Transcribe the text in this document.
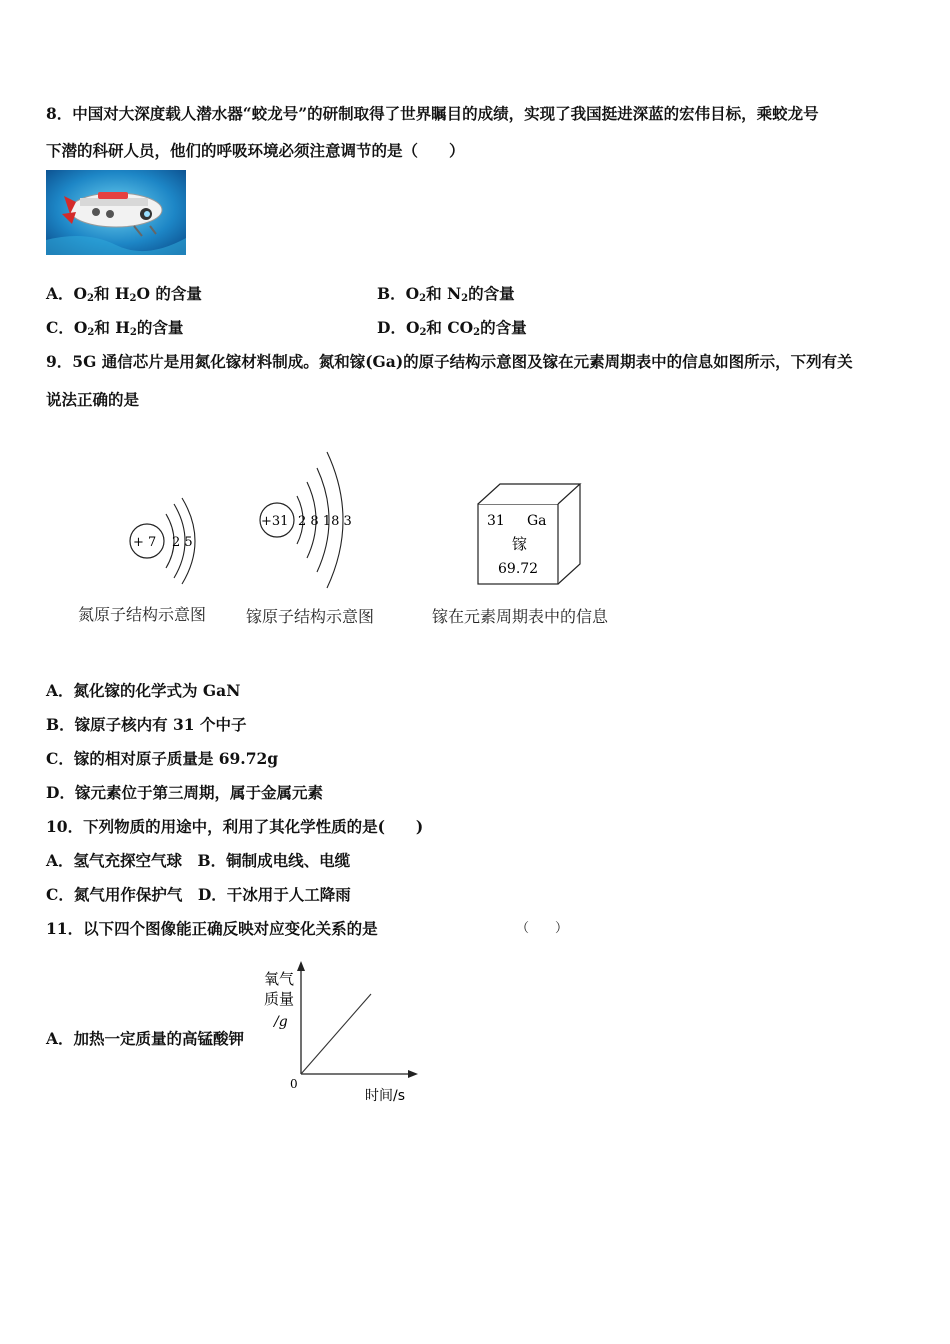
8．中国对大深度载人潜水器“蛟龙号”的研制取得了世界瞩目的成绩，实现了我国挺进深蓝的宏伟目标，乘蛟龙号
下潜的科研人员，他们的呼吸环境必须注意调节的是（　　）
A．$O_2$和 $H_2O$ 的含量	B．$O_2$和 $N_2$的含量
C．$O_2$和 $H_2$的含量	D．$O_2$和 $CO_2$的含量
9．5G 通信芯片是用氮化镓材料制成。氮和镓(Ga)的原子结构示意图及镓在元素周期表中的信息如图所示，下列有关
说法正确的是
+ 7 2 5
氮原子结构示意图
+31 2 8 18 3
镓原子结构示意图
31 Ga
镓
69.72
镓在元素周期表中的信息
A．氮化镓的化学式为 GaN
B．镓原子核内有 31 个中子
C．镓的相对原子质量是 69.72g
D．镓元素位于第三周期，属于金属元素
10．下列物质的用途中，利用了其化学性质的是(　　)
A．氢气充探空气球　B．铜制成电线、电缆
C．氮气用作保护气　D．干冰用于人工降雨
11．以下四个图像能正确反映对应变化关系的是	（　　）
A．加热一定质量的高锰酸钾
氧气
质量
/g
0
时间/s
